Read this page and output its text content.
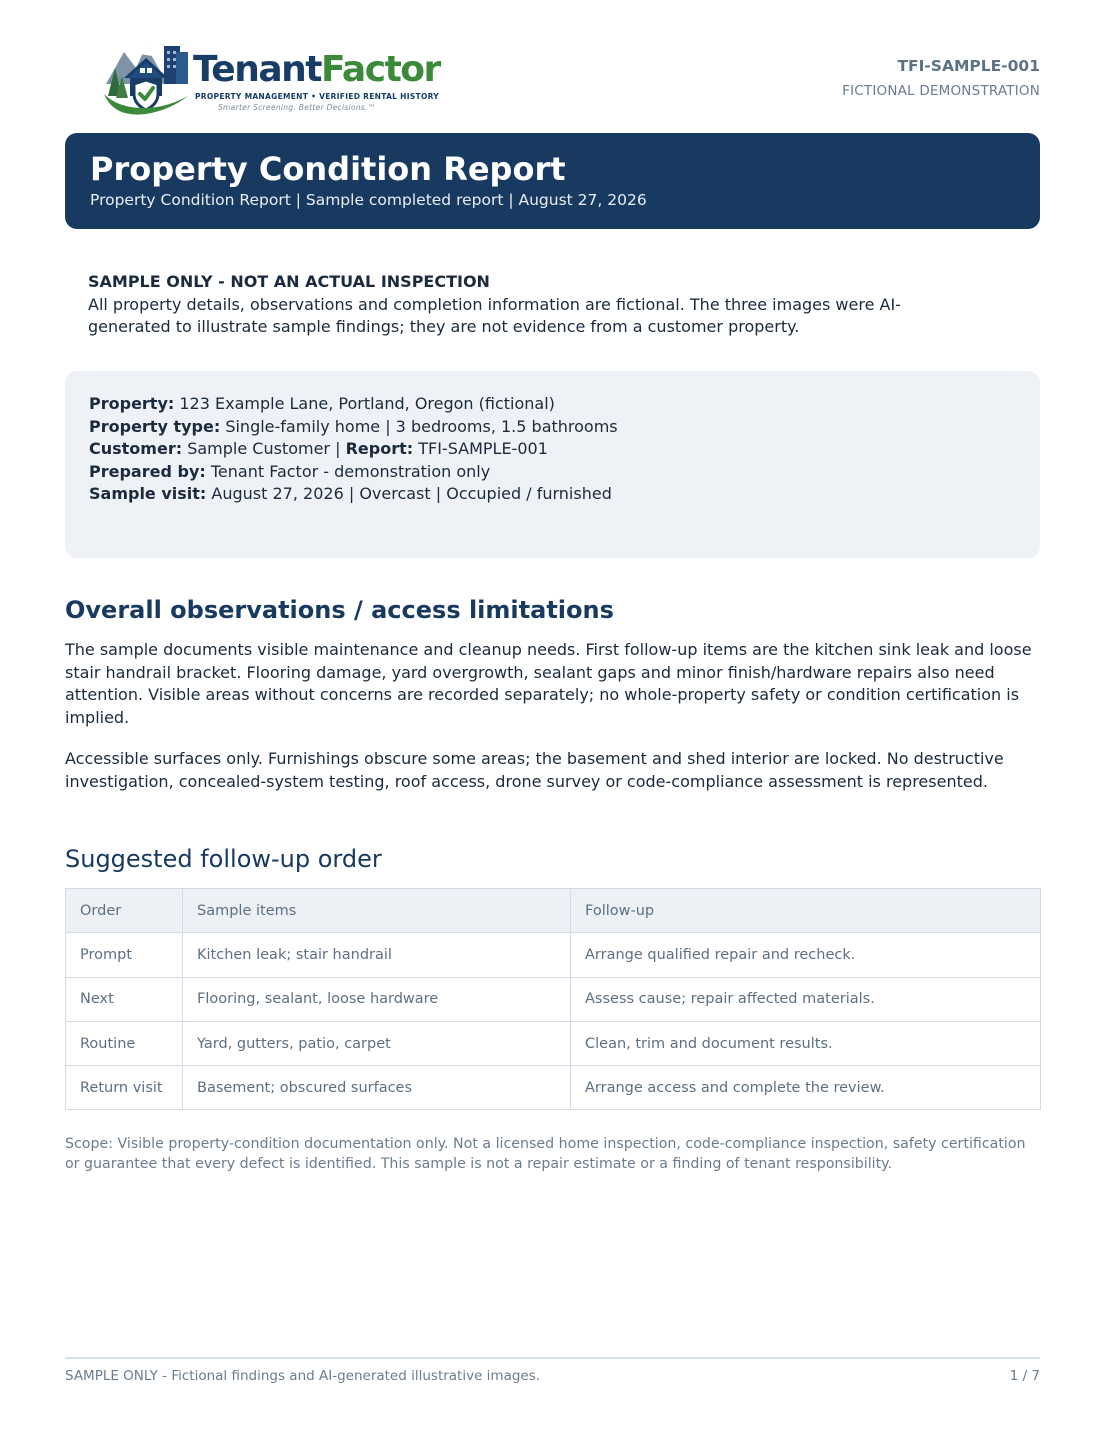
TenantFactor
PROPERTY MANAGEMENT • VERIFIED RENTAL HISTORY
Smarter Screening. Better Decisions.™
TFI-SAMPLE-001
FICTIONAL DEMONSTRATION
Property Condition Report
Property Condition Report | Sample completed report | August 27, 2026
SAMPLE ONLY - NOT AN ACTUAL INSPECTION
All property details, observations and completion information are fictional. The three images were AI-generated to illustrate sample findings; they are not evidence from a customer property.
Property: 123 Example Lane, Portland, Oregon (fictional)
Property type: Single-family home | 3 bedrooms, 1.5 bathrooms
Customer: Sample Customer | Report: TFI-SAMPLE-001
Prepared by: Tenant Factor - demonstration only
Sample visit: August 27, 2026 | Overcast | Occupied / furnished
Overall observations / access limitations
The sample documents visible maintenance and cleanup needs. First follow-up items are the kitchen sink leak and loose stair handrail bracket. Flooring damage, yard overgrowth, sealant gaps and minor finish/hardware repairs also need attention. Visible areas without concerns are recorded separately; no whole-property safety or condition certification is implied.
Accessible surfaces only. Furnishings obscure some areas; the basement and shed interior are locked. No destructive investigation, concealed-system testing, roof access, drone survey or code-compliance assessment is represented.
Suggested follow-up order
Order	Sample items	Follow-up
Prompt	Kitchen leak; stair handrail	Arrange qualified repair and recheck.
Next	Flooring, sealant, loose hardware	Assess cause; repair affected materials.
Routine	Yard, gutters, patio, carpet	Clean, trim and document results.
Return visit	Basement; obscured surfaces	Arrange access and complete the review.
Scope: Visible property-condition documentation only. Not a licensed home inspection, code-compliance inspection, safety certification or guarantee that every defect is identified. This sample is not a repair estimate or a finding of tenant responsibility.
SAMPLE ONLY - Fictional findings and AI-generated illustrative images.	1 / 7
